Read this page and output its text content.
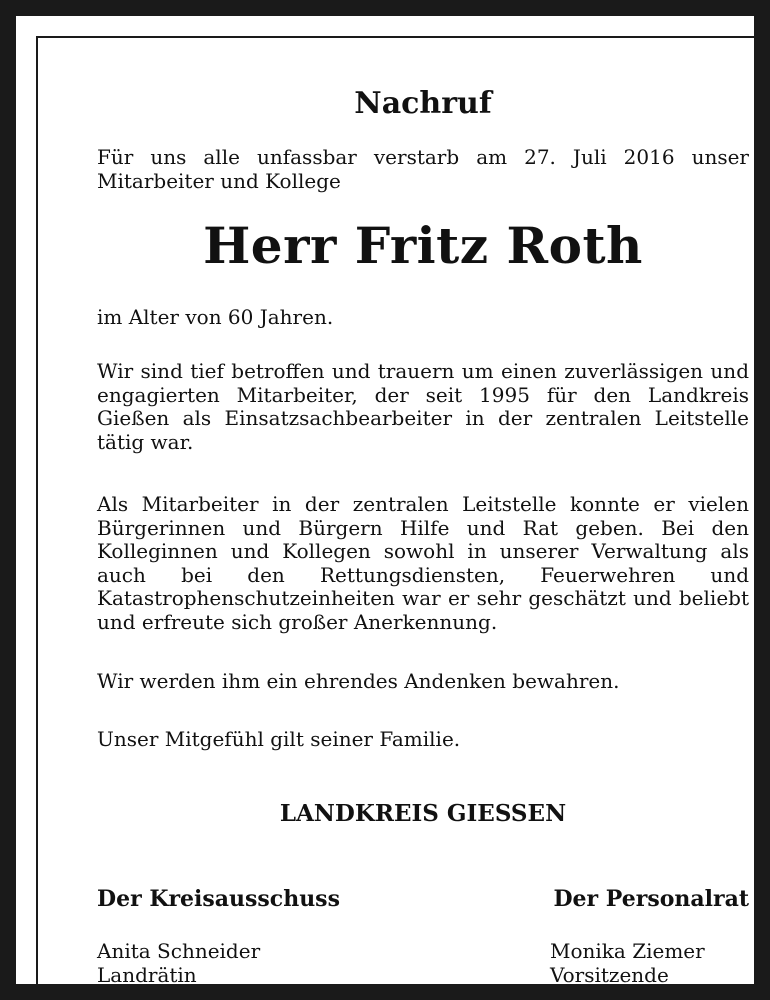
Nachruf

Für uns alle unfassbar verstarb am 27. Juli 2016 unser
Mitarbeiter und Kollege

Herr Fritz Roth

im Alter von 60 Jahren.

Wir sind tief betroffen und trauern um einen zuverlässigen und engagierten Mitarbeiter, der seit 1995 für den Landkreis Gießen als Einsatzsachbearbeiter in der zentralen Leitstelle tätig war.

Als Mitarbeiter in der zentralen Leitstelle konnte er vielen Bürgerinnen und Bürgern Hilfe und Rat geben. Bei den Kolleginnen und Kollegen sowohl in unserer Verwaltung als auch bei den Rettungsdiensten, Feuerwehren und Katastrophenschutzeinheiten war er sehr geschätzt und beliebt und erfreute sich großer Anerkennung.

Wir werden ihm ein ehrendes Andenken bewahren.

Unser Mitgefühl gilt seiner Familie.

LANDKREIS GIESSEN
Der Kreisausschuss	Der Personalrat
Anita Schneider
Landrätin
Monika Ziemer
Vorsitzende
